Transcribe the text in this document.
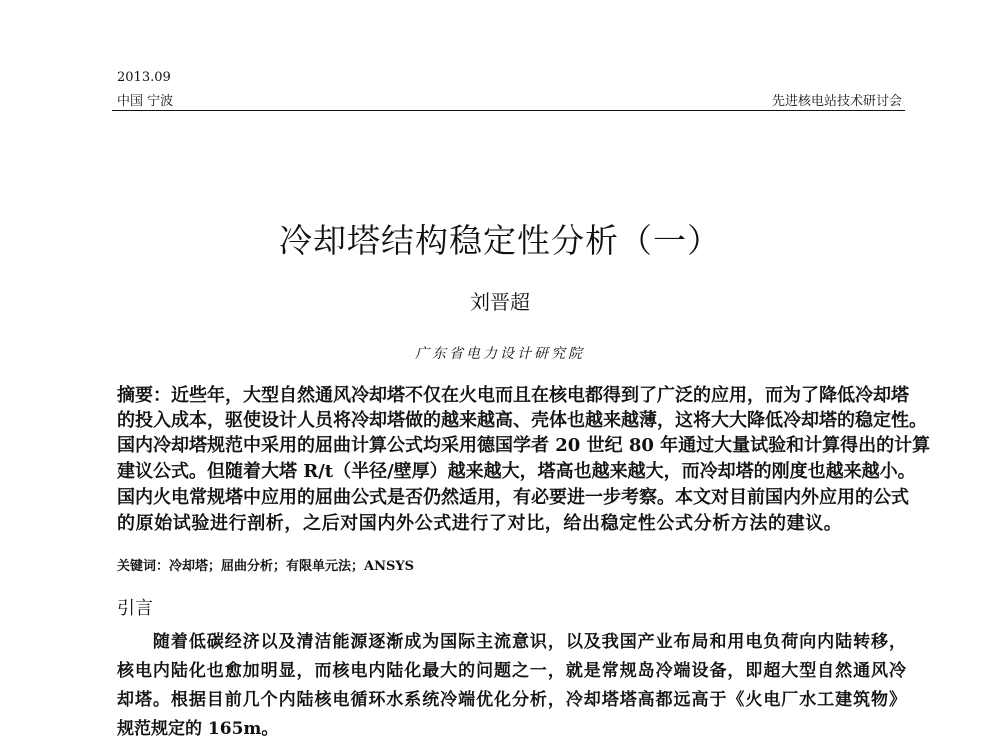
2013.09
中国 宁波	先进核电站技术研讨会
冷却塔结构稳定性分析（一）
刘晋超
广东省电力设计研究院
摘要：近些年，大型自然通风冷却塔不仅在火电而且在核电都得到了广泛的应用，而为了降低冷却塔
的投入成本，驱使设计人员将冷却塔做的越来越高、壳体也越来越薄，这将大大降低冷却塔的稳定性。
国内冷却塔规范中采用的屈曲计算公式均采用德国学者 20 世纪 80 年通过大量试验和计算得出的计算
建议公式。但随着大塔 R/t（半径/壁厚）越来越大，塔高也越来越大，而冷却塔的刚度也越来越小。
国内火电常规塔中应用的屈曲公式是否仍然适用，有必要进一步考察。本文对目前国内外应用的公式
的原始试验进行剖析，之后对国内外公式进行了对比，给出稳定性公式分析方法的建议。
关键词：冷却塔；屈曲分析；有限单元法；ANSYS
引言
　　随着低碳经济以及清洁能源逐渐成为国际主流意识，以及我国产业布局和用电负荷向内陆转移，
核电内陆化也愈加明显，而核电内陆化最大的问题之一，就是常规岛冷端设备，即超大型自然通风冷
却塔。根据目前几个内陆核电循环水系统冷端优化分析，冷却塔塔高都远高于《火电厂水工建筑物》
规范规定的 165m。
